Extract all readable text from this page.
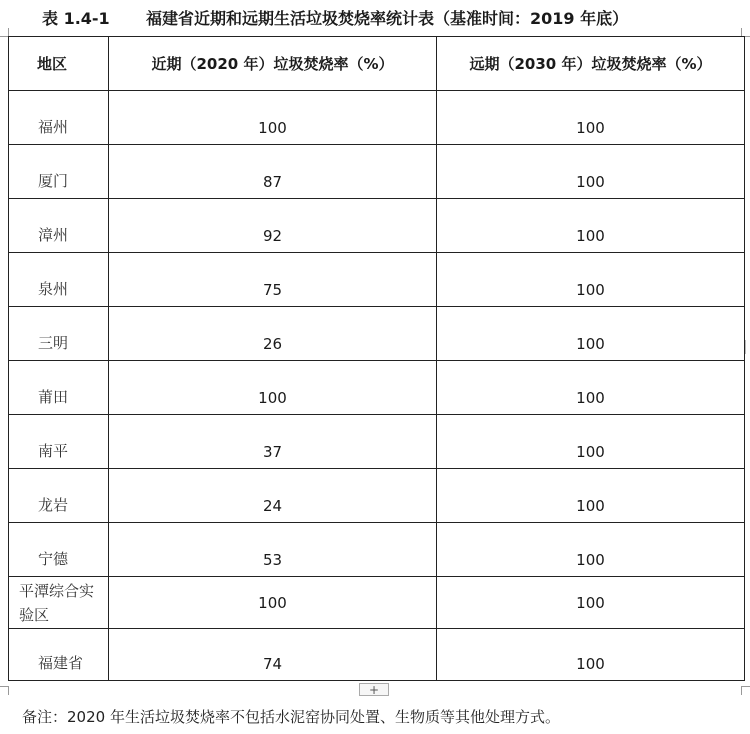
表 1.4-1 福建省近期和远期生活垃圾焚烧率统计表（基准时间：2019 年底）
地区	近期（2020 年）垃圾焚烧率（%）	远期（2030 年）垃圾焚烧率（%）
福州	100	100
厦门	87	100
漳州	92	100
泉州	75	100
三明	26	100
莆田	100	100
南平	37	100
龙岩	24	100
宁德	53	100
平潭综合实验区	100	100
福建省	74	100
+
备注：2020 年生活垃圾焚烧率不包括水泥窑协同处置、生物质等其他处理方式。
